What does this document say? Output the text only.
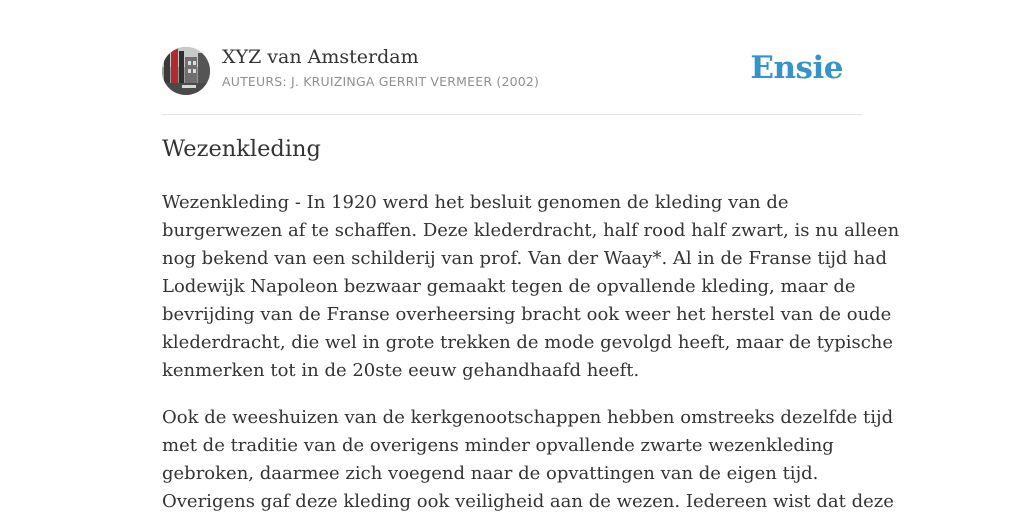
XYZ van Amsterdam
AUTEURS: J. KRUIZINGA GERRIT VERMEER (2002)	Ensie
Wezenkleding

Wezenkleding - In 1920 werd het besluit genomen de kleding van de
burgerwezen af te schaffen. Deze klederdracht, half rood half zwart, is nu alleen
nog bekend van een schilderij van prof. Van der Waay*. Al in de Franse tijd had
Lodewijk Napoleon bezwaar gemaakt tegen de opvallende kleding, maar de
bevrijding van de Franse overheersing bracht ook weer het herstel van de oude
klederdracht, die wel in grote trekken de mode gevolgd heeft, maar de typische
kenmerken tot in de 20ste eeuw gehandhaafd heeft.

Ook de weeshuizen van de kerkgenootschappen hebben omstreeks dezelfde tijd
met de traditie van de overigens minder opvallende zwarte wezenkleding
gebroken, daarmee zich voegend naar de opvattingen van de eigen tijd.
Overigens gaf deze kleding ook veiligheid aan de wezen. Iedereen wist dat deze
